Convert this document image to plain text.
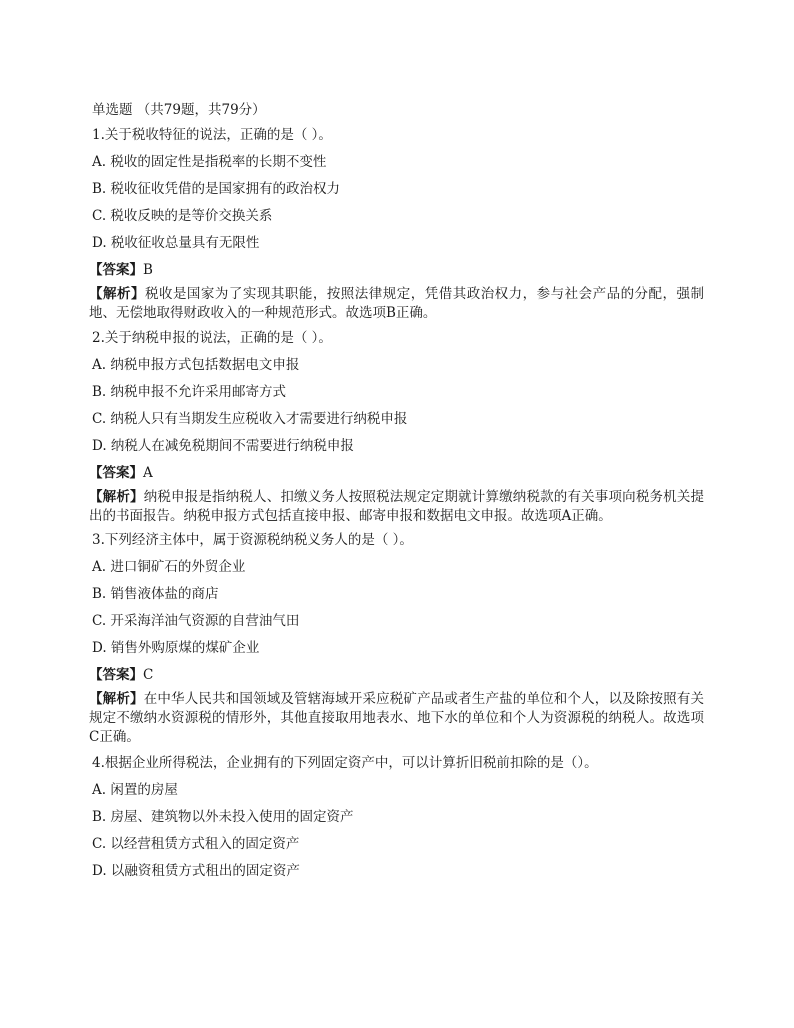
单选题 （共79题，共79分）
1.关于税收特征的说法，正确的是（ ）。
A. 税收的固定性是指税率的长期不变性
B. 税收征收凭借的是国家拥有的政治权力
C. 税收反映的是等价交换关系
D. 税收征收总量具有无限性
【答案】B
【解析】税收是国家为了实现其职能，按照法律规定，凭借其政治权力，参与社会产品的分配，强制地、无偿地取得财政收入的一种规范形式。故选项B正确。
2.关于纳税申报的说法，正确的是（ ）。
A. 纳税申报方式包括数据电文申报
B. 纳税申报不允许采用邮寄方式
C. 纳税人只有当期发生应税收入才需要进行纳税申报
D. 纳税人在减免税期间不需要进行纳税申报
【答案】A
【解析】纳税申报是指纳税人、扣缴义务人按照税法规定定期就计算缴纳税款的有关事项向税务机关提出的书面报告。纳税申报方式包括直接申报、邮寄申报和数据电文申报。故选项A正确。
3.下列经济主体中，属于资源税纳税义务人的是（ ）。
A. 进口铜矿石的外贸企业
B. 销售液体盐的商店
C. 开采海洋油气资源的自营油气田
D. 销售外购原煤的煤矿企业
【答案】C
【解析】在中华人民共和国领域及管辖海域开采应税矿产品或者生产盐的单位和个人，以及除按照有关规定不缴纳水资源税的情形外，其他直接取用地表水、地下水的单位和个人为资源税的纳税人。故选项C正确。
4.根据企业所得税法，企业拥有的下列固定资产中，可以计算折旧税前扣除的是（）。
A. 闲置的房屋
B. 房屋、建筑物以外未投入使用的固定资产
C. 以经营租赁方式租入的固定资产
D. 以融资租赁方式租出的固定资产
